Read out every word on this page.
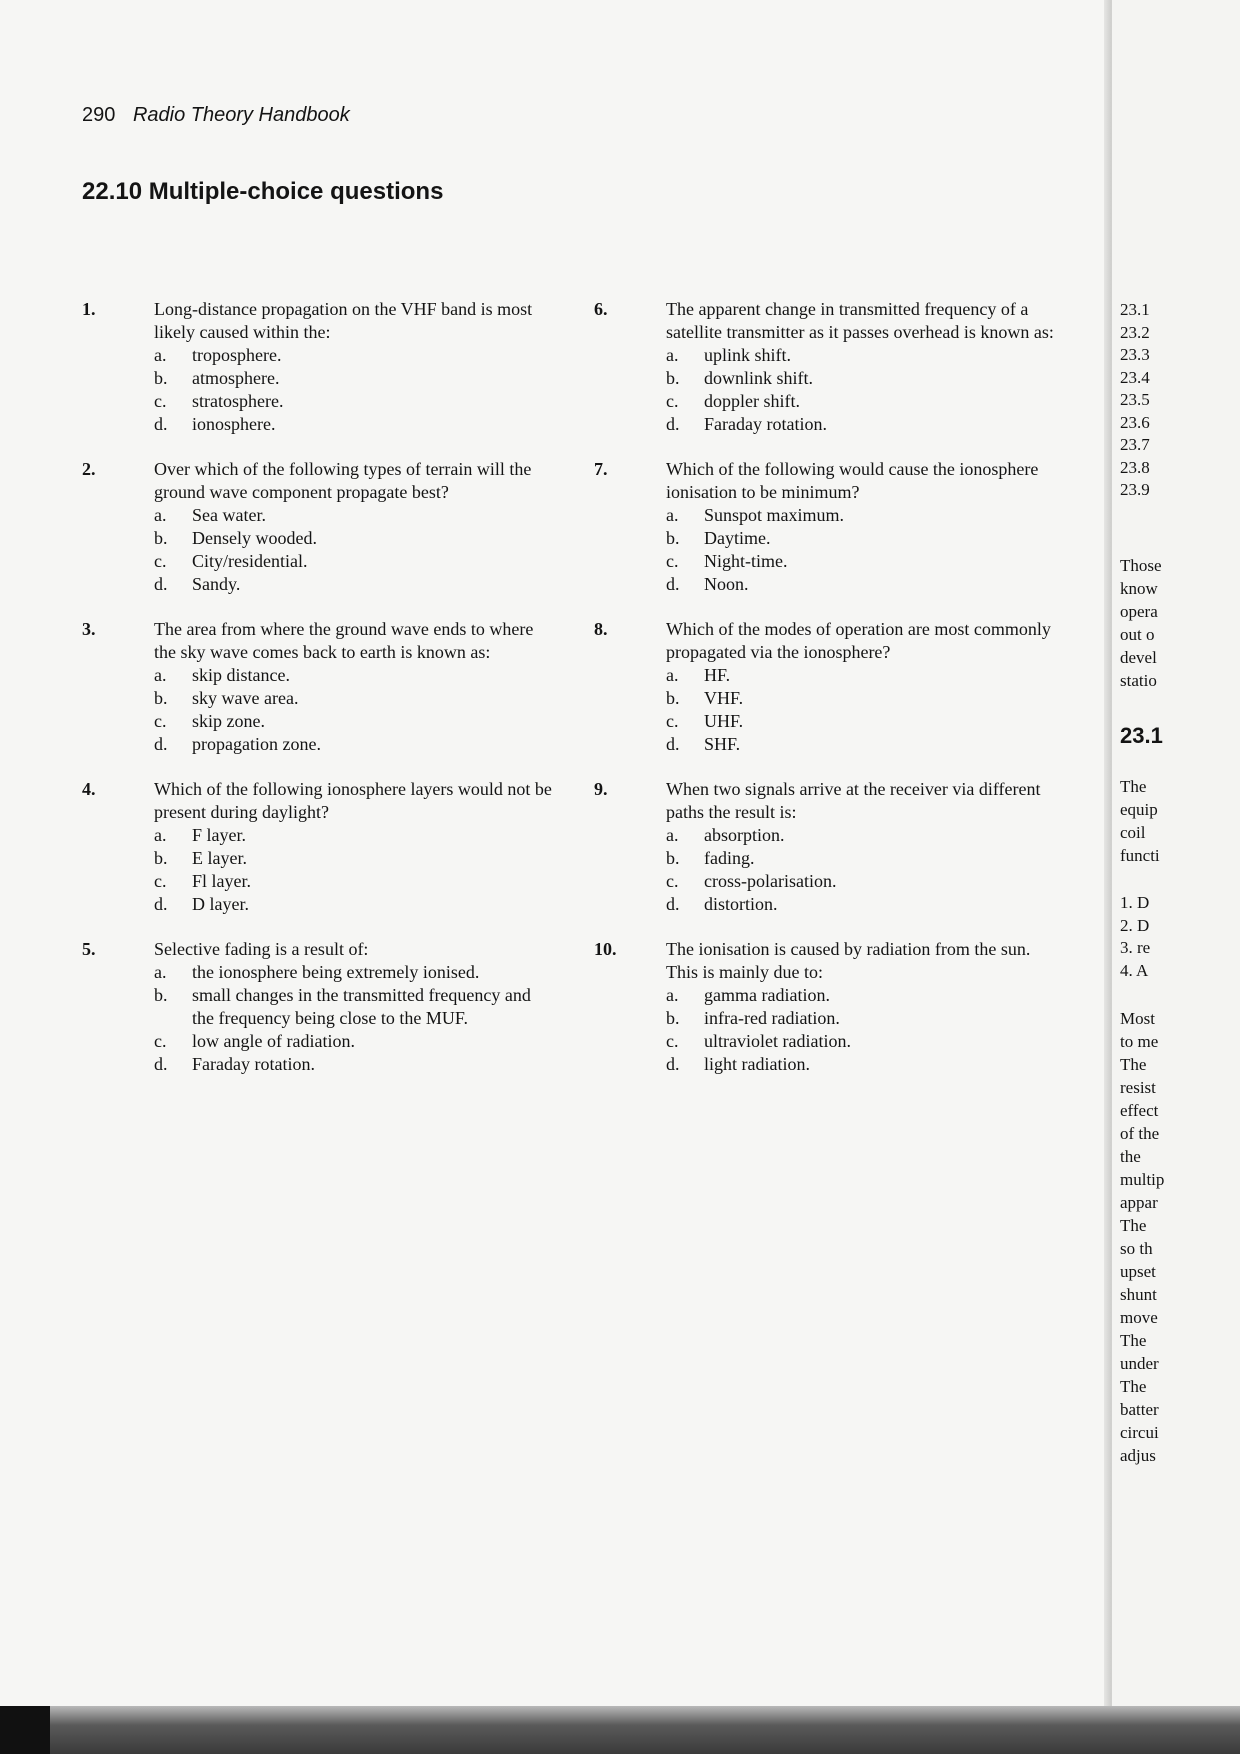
290 Radio Theory Handbook
22.10 Multiple-choice questions
1.	Long-distance propagation on the VHF band is most likely caused within the:
a. troposphere.
b. atmosphere.
c. stratosphere.
d. ionosphere.
2.	Over which of the following types of terrain will the ground wave component propagate best?
a. Sea water.
b. Densely wooded.
c. City/residential.
d. Sandy.
3.	The area from where the ground wave ends to where the sky wave comes back to earth is known as:
a. skip distance.
b. sky wave area.
c. skip zone.
d. propagation zone.
4.	Which of the following ionosphere layers would not be present during daylight?
a. F layer.
b. E layer.
c. Fl layer.
d. D layer.
5.	Selective fading is a result of:
a. the ionosphere being extremely ionised.
b. small changes in the transmitted frequency and the frequency being close to the MUF.
c. low angle of radiation.
d. Faraday rotation.
6.	The apparent change in transmitted frequency of a satellite transmitter as it passes overhead is known as:
a. uplink shift.
b. downlink shift.
c. doppler shift.
d. Faraday rotation.
7.	Which of the following would cause the ionosphere ionisation to be minimum?
a. Sunspot maximum.
b. Daytime.
c. Night-time.
d. Noon.
8.	Which of the modes of operation are most commonly propagated via the ionosphere?
a. HF.
b. VHF.
c. UHF.
d. SHF.
9.	When two signals arrive at the receiver via different paths the result is:
a. absorption.
b. fading.
c. cross-polarisation.
d. distortion.
10.	The ionisation is caused by radiation from the sun. This is mainly due to:
a. gamma radiation.
b. infra-red radiation.
c. ultraviolet radiation.
d. light radiation.
23.1
23.2
23.3
23.4
23.5
23.6
23.7
23.8
23.9
Those
know
opera
out o
devel
statio
23.1
The
equip
coil
functi
1. D
2. D
3. re
4. A
Most
to me
The
resist
effect
of the
the
multip
appar
The
so th
upset
shunt
move
The
under
The
batter
circui
adjus
